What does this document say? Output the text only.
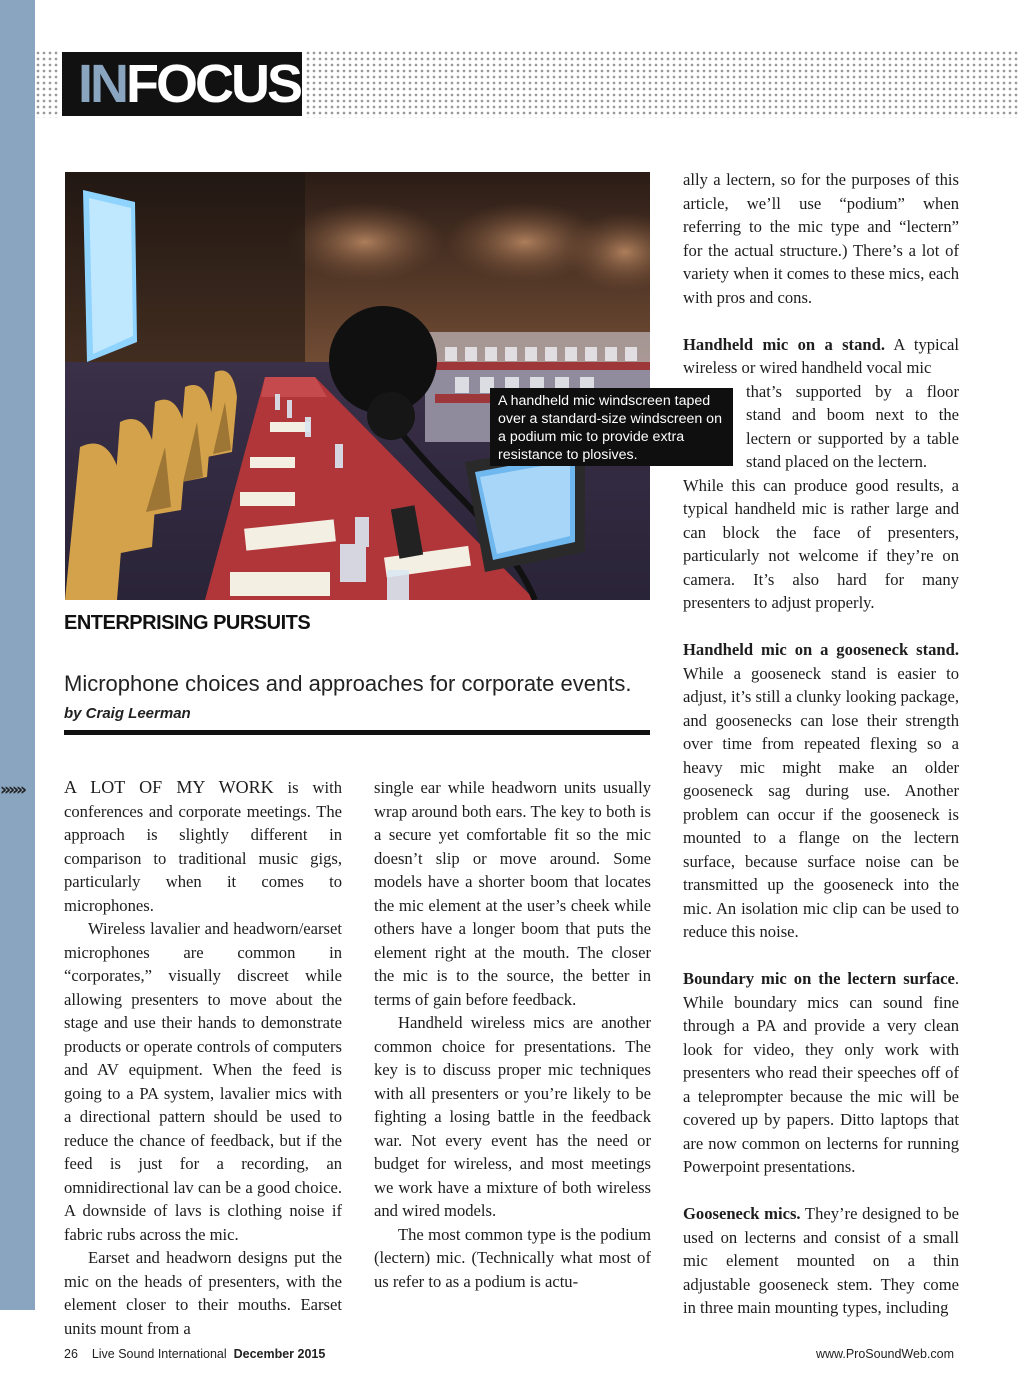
IN FOCUS
A handheld mic windscreen taped over a standard-size windscreen on a podium mic to provide extra resistance to plosives.
ENTERPRISING PURSUITS
Microphone choices and approaches for corporate events. by Craig Leerman
›››››› A LOT OF MY WORK is with conferences and corporate meetings. The approach is slightly different in comparison to traditional music gigs, particularly when it comes to microphones.

Wireless lavalier and headworn/earset microphones are common in “corporates,” visually discreet while allowing presenters to move about the stage and use their hands to demonstrate products or operate controls of computers and AV equipment. When the feed is going to a PA system, lavalier mics with a directional pattern should be used to reduce the chance of feedback, but if the feed is just for a recording, an omnidirectional lav can be a good choice. A downside of lavs is clothing noise if fabric rubs across the mic.

Earset and headworn designs put the mic on the heads of presenters, with the element closer to their mouths. Earset units mount from a

single ear while headworn units usually wrap around both ears. The key to both is a secure yet comfortable fit so the mic doesn’t slip or move around. Some models have a shorter boom that locates the mic element at the user’s cheek while others have a longer boom that puts the element right at the mouth. The closer the mic is to the source, the better in terms of gain before feedback.

Handheld wireless mics are another common choice for presentations. The key is to discuss proper mic techniques with all presenters or you’re likely to be fighting a losing battle in the feedback war. Not every event has the need or budget for wireless, and most meetings we work have a mixture of both wireless and wired models.

The most common type is the podium (lectern) mic. (Technically what most of us refer to as a podium is actu-

ally a lectern, so for the purposes of this article, we’ll use “podium” when referring to the mic type and “lectern” for the actual structure.) There’s a lot of variety when it comes to these mics, each with pros and cons.

Handheld mic on a stand. A typical wireless or wired handheld vocal mic

that’s supported by a floor stand and boom next to the lectern or supported by a table stand placed on the lectern.

While this can produce good results, a typical handheld mic is rather large and can block the face of presenters, particularly not welcome if they’re on camera. It’s also hard for many presenters to adjust properly.

Handheld mic on a gooseneck stand. While a gooseneck stand is easier to adjust, it’s still a clunky looking package, and goosenecks can lose their strength over time from repeated flexing so a heavy mic might make an older gooseneck sag during use. Another problem can occur if the gooseneck is mounted to a flange on the lectern surface, because surface noise can be transmitted up the gooseneck into the mic. An isolation mic clip can be used to reduce this noise.

Boundary mic on the lectern surface. While boundary mics can sound fine through a PA and provide a very clean look for video, they only work with presenters who read their speeches off of a teleprompter because the mic will be covered up by papers. Ditto laptops that are now common on lecterns for running Powerpoint presentations.

Gooseneck mics. They’re designed to be used on lecterns and consist of a small mic element mounted on a thin adjustable gooseneck stem. They come in three main mounting types, including

26 Live Sound International December 2015	www.ProSoundWeb.com
